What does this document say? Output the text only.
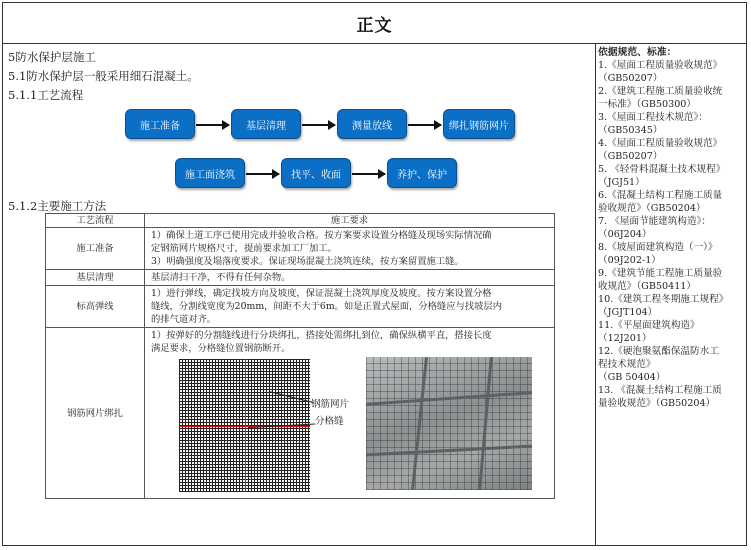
正文
5防水保护层施工
5.1防水保护层一般采用细石混凝土。
5.1.1工艺流程
施工准备	基层清理	测量放线	绑扎钢筋网片
施工面浇筑	找平、收面	养护、保护
5.1.2主要施工方法
工艺流程	施工要求
施工准备	1）确保上道工序已使用完成并验收合格。按方案要求设置分格缝及现场实际情况确
定钢筋网片规格尺寸，提前要求加工厂加工。
3）明确强度及塌落度要求。保证现场混凝土浇筑连续，按方案留置施工缝。

基层清理	基层清扫干净，不得有任何杂物。

标高弹线	1）进行弹线，确定找坡方向及坡度，保证混凝土浇筑厚度及坡度。按方案设置分格
缝线，分割线宽度为20mm，间距不大于6m。如是正置式屋面，分格缝应与找坡层内
的排气道对齐。

钢筋网片绑扎	1）按弹好的分割缝线进行分块绑扎，搭接处需绑扎到位，确保纵横平直，搭接长度
满足要求，分格缝位置钢筋断开。
钢筋网片
分格缝
依据规范、标准：
1.《屋面工程质量验收规范》
（GB50207）
2.《建筑工程施工质量验收统
一标准》（GB50300）
3.《屋面工程技术规范》：
（GB50345）
4.《屋面工程质量验收规范》
（GB50207）
5. 《轻骨料混凝土技术规程》
（JGJ51）
6.《混凝土结构工程施工质量
验收规范》（GB50204）
7. 《屋面节能建筑构造》：
（06J204）
8.《坡屋面建筑构造（一）》
（09J202-1）
9.《建筑节能工程施工质量验
收规范》（GB50411）
10.《建筑工程冬期施工规程》
（JGJT104）
11.《平屋面建筑构造》
（12J201）
12.《硬泡聚氨酯保温防水工
程技术规范》
（GB 50404）
13. 《混凝土结构工程施工质
量验收规范》（GB50204）
